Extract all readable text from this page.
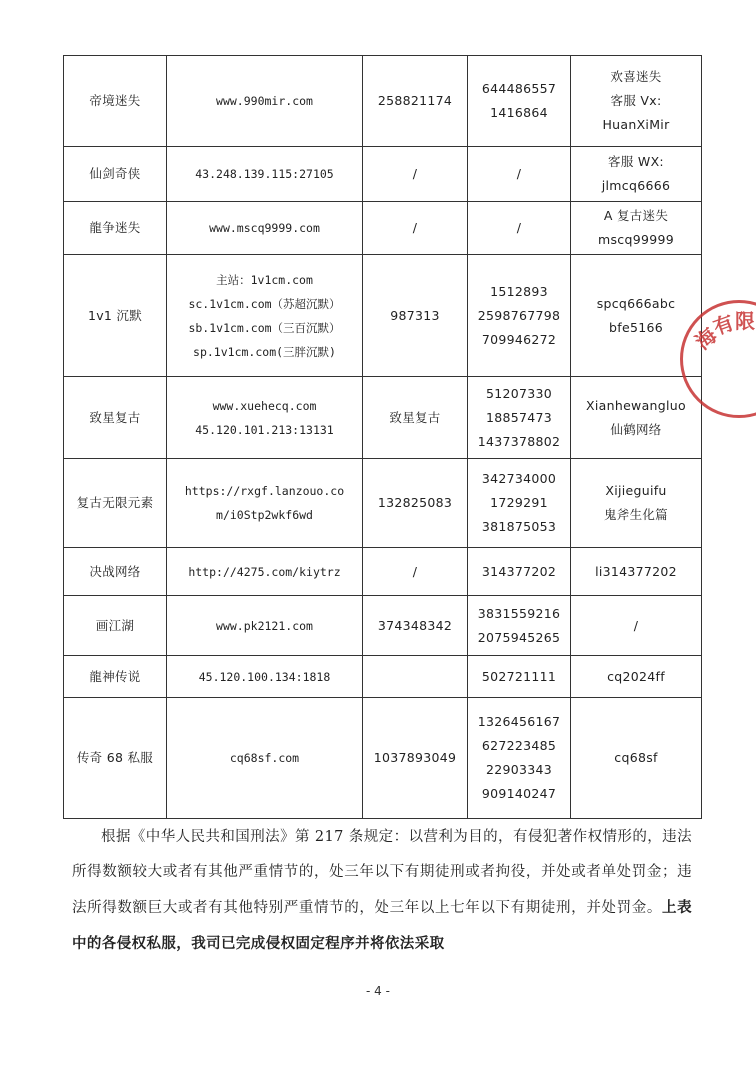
帝境迷失	www.990mir.com	258821174	644486557
1416864	欢喜迷失
客服 Vx:
HuanXiMir

仙剑奇侠	43.248.139.115:27105	/	/	客服 WX:
jlmcq6666

龍争迷失	www.mscq9999.com	/	/	A 复古迷失
mscq99999

1v1 沉默	主站：1v1cm.com
sc.1v1cm.com（苏超沉默）
sb.1v1cm.com（三百沉默）
sp.1v1cm.com(三胖沉默)	987313	1512893
2598767798
709946272	spcq666abc
bfe5166

致星复古	www.xuehecq.com
45.120.101.213:13131	致星复古	51207330
18857473
1437378802	Xianhewangluo
仙鹤网络

复古无限元素	https://rxgf.lanzouo.co
m/i0Stp2wkf6wd	132825083	342734000
1729291
381875053	Xijieguifu
鬼斧生化篇

决战网络	http://4275.com/kiytrz	/	314377202	li314377202

画江湖	www.pk2121.com	374348342	3831559216
2075945265	/

龍神传说	45.120.100.134:1818		502721111	cq2024ff

传奇 68 私服	cq68sf.com	1037893049	1326456167
627223485
22903343
909140247	cq68sf
根据《中华人民共和国刑法》第 217 条规定：以营利为目的，有侵犯著作权情形的，违法所得数额较大或者有其他严重情节的，处三年以下有期徒刑或者拘役，并处或者单处罚金；违法所得数额巨大或者有其他特别严重情节的，处三年以上七年以下有期徒刑，并处罚金。上表中的各侵权私服，我司已完成侵权固定程序并将依法采取
- 4 -
海
有
限
